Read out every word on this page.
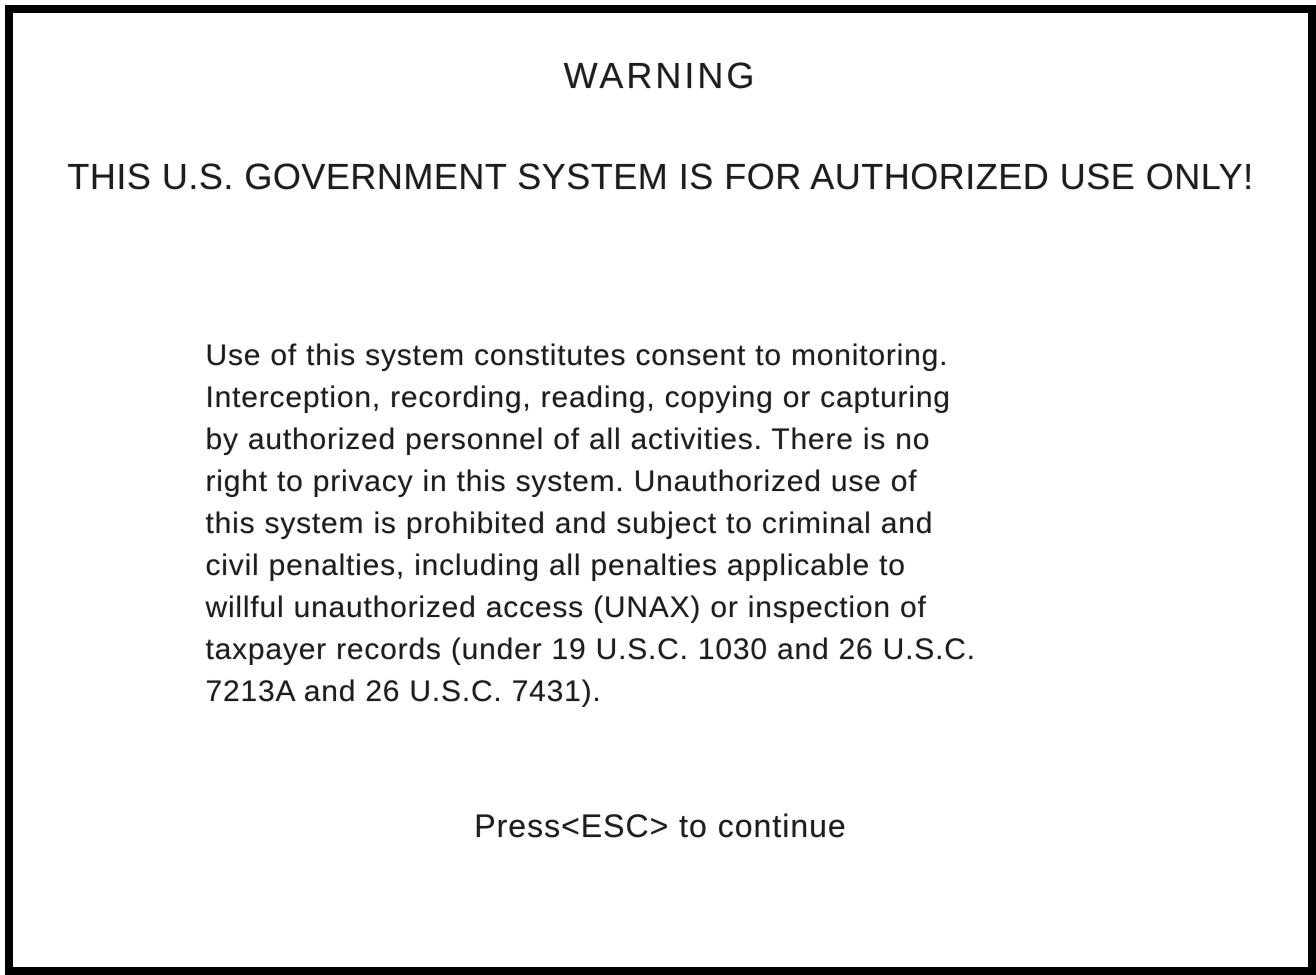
WARNING
THIS U.S. GOVERNMENT SYSTEM IS FOR AUTHORIZED USE ONLY!
Use of this system constitutes consent to monitoring.
Interception, recording, reading, copying or capturing
by authorized personnel of all activities. There is no
right to privacy in this system. Unauthorized use of
this system is prohibited and subject to criminal and
civil penalties, including all penalties applicable to
willful unauthorized access (UNAX) or inspection of
taxpayer records (under 19 U.S.C. 1030 and 26 U.S.C.
7213A and 26 U.S.C. 7431).
Press<ESC> to continue
